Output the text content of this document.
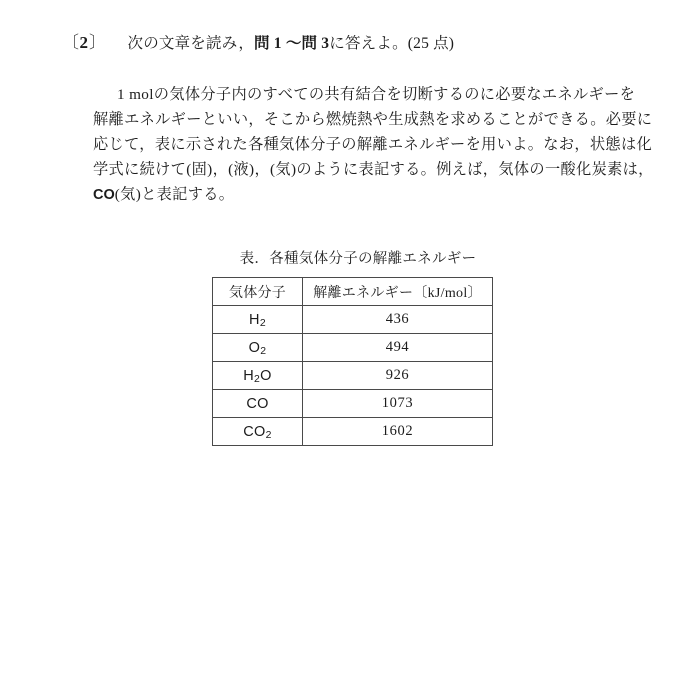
〔 2 〕 次の文章を読み，問 1 〜問 3に答えよ。(25 点)
1 molの気体分子内のすべての共有結合を切断するのに必要なエネルギーを
解離エネルギーといい，そこから燃焼熱や生成熱を求めることができる。必要に
応じて，表に示された各種気体分子の解離エネルギーを用いよ。なお，状態は化
学式に続けて(固)，(液)，(気)のように表記する。例えば，気体の一酸化炭素は，
CO(気)と表記する。
表．各種気体分子の解離エネルギー
気体分子	解離エネルギー〔kJ/mol〕
$H_2$	436
$O_2$	494
$H_2O$	926
CO	1073
$CO_2$	1602
